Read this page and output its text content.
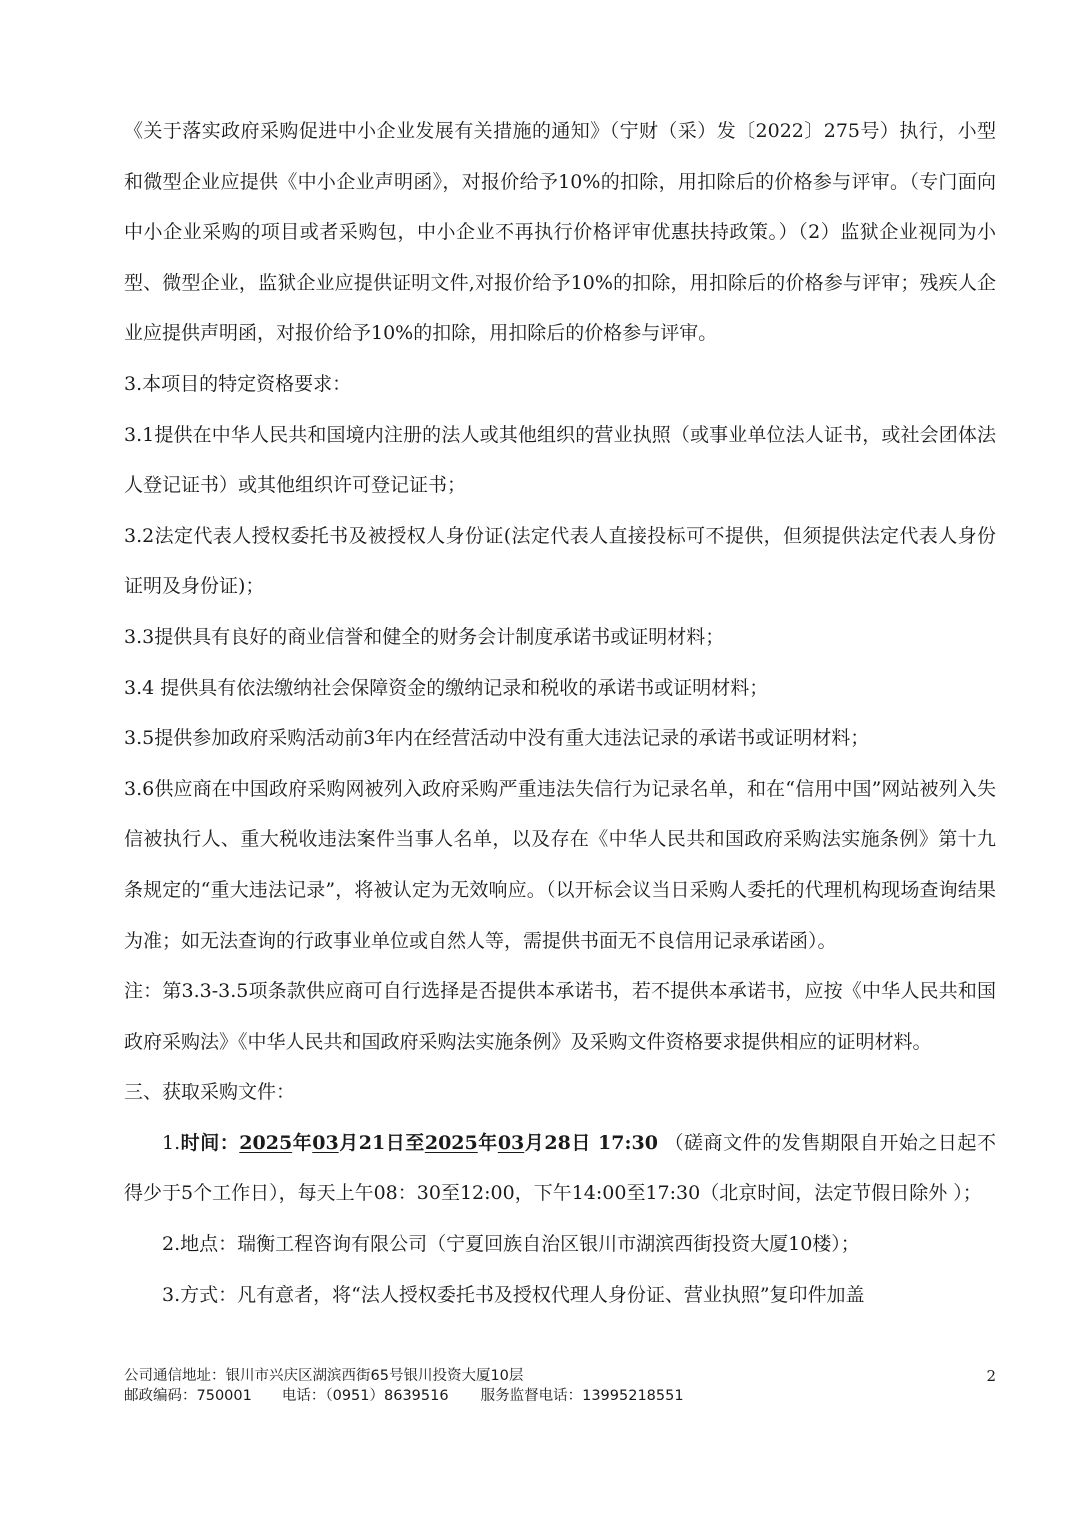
《关于落实政府采购促进中小企业发展有关措施的通知》（宁财（采）发〔2022〕275号）执行，小型和微型企业应提供《中小企业声明函》，对报价给予10%的扣除，用扣除后的价格参与评审。（专门面向中小企业采购的项目或者采购包，中小企业不再执行价格评审优惠扶持政策。）（2）监狱企业视同为小型、微型企业，监狱企业应提供证明文件,对报价给予10%的扣除，用扣除后的价格参与评审；残疾人企业应提供声明函，对报价给予10%的扣除，用扣除后的价格参与评审。

3.本项目的特定资格要求：

3.1提供在中华人民共和国境内注册的法人或其他组织的营业执照（或事业单位法人证书，或社会团体法人登记证书）或其他组织许可登记证书；

3.2法定代表人授权委托书及被授权人身份证(法定代表人直接投标可不提供，但须提供法定代表人身份证明及身份证)；

3.3提供具有良好的商业信誉和健全的财务会计制度承诺书或证明材料；

3.4 提供具有依法缴纳社会保障资金的缴纳记录和税收的承诺书或证明材料；

3.5提供参加政府采购活动前3年内在经营活动中没有重大违法记录的承诺书或证明材料；

3.6供应商在中国政府采购网被列入政府采购严重违法失信行为记录名单，和在“信用中国”网站被列入失信被执行人、重大税收违法案件当事人名单，以及存在《中华人民共和国政府采购法实施条例》第十九条规定的“重大违法记录”，将被认定为无效响应。（以开标会议当日采购人委托的代理机构现场查询结果为准；如无法查询的行政事业单位或自然人等，需提供书面无不良信用记录承诺函）。

注：第3.3-3.5项条款供应商可自行选择是否提供本承诺书，若不提供本承诺书，应按《中华人民共和国政府采购法》《中华人民共和国政府采购法实施条例》及采购文件资格要求提供相应的证明材料。

三、获取采购文件：

1.时间：2025年03月21日至2025年03月28日 17:30 （磋商文件的发售期限自开始之日起不得少于5个工作日），每天上午08：30至12:00，下午14:00至17:30（北京时间，法定节假日除外 ）；

2.地点：瑞衡工程咨询有限公司（宁夏回族自治区银川市湖滨西街投资大厦10楼）；

3.方式：凡有意者，将“法人授权委托书及授权代理人身份证、营业执照”复印件加盖

公司通信地址：银川市兴庆区湖滨西街65号银川投资大厦10层
邮政编码：750001 电话：（0951）8639516 服务监督电话：13995218551
2
